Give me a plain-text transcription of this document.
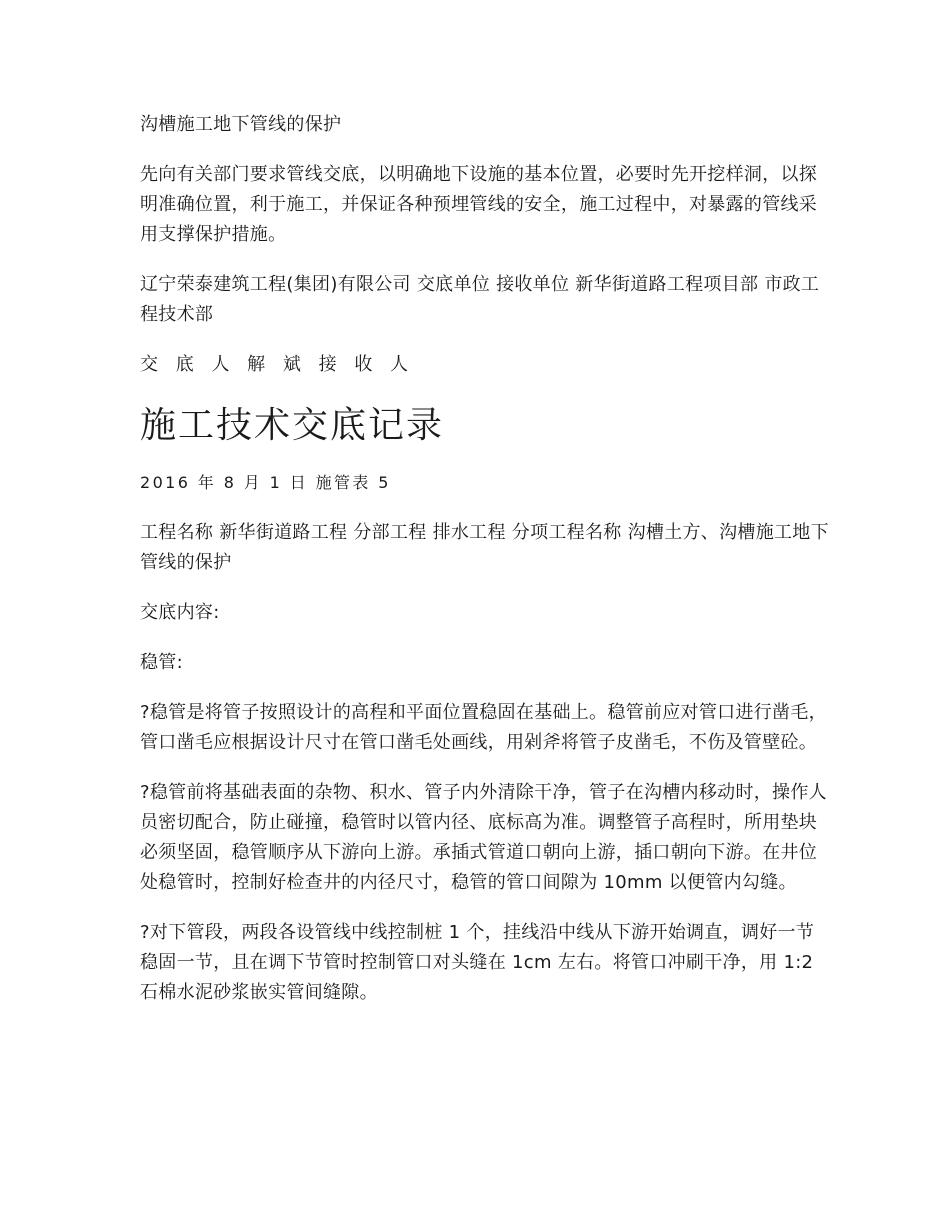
沟槽施工地下管线的保护

先向有关部门要求管线交底，以明确地下设施的基本位置，必要时先开挖样洞，以探明准确位置，利于施工，并保证各种预埋管线的安全，施工过程中，对暴露的管线采用支撑保护措施。

辽宁荣泰建筑工程(集团)有限公司 交底单位 接收单位 新华街道路工程项目部 市政工程技术部

交 底 人 解 斌 接 收 人

施工技术交底记录

2016 年 8 月 1 日 施管表 5

工程名称 新华街道路工程 分部工程 排水工程 分项工程名称 沟槽土方、沟槽施工地下管线的保护

交底内容:

稳管:

?稳管是将管子按照设计的高程和平面位置稳固在基础上。稳管前应对管口进行凿毛，管口凿毛应根据设计尺寸在管口凿毛处画线，用剁斧将管子皮凿毛，不伤及管壁砼。

?稳管前将基础表面的杂物、积水、管子内外清除干净，管子在沟槽内移动时，操作人员密切配合，防止碰撞，稳管时以管内径、底标高为准。调整管子高程时，所用垫块必须坚固，稳管顺序从下游向上游。承插式管道口朝向上游，插口朝向下游。在井位处稳管时，控制好检查井的内径尺寸，稳管的管口间隙为 10mm 以便管内勾缝。

?对下管段，两段各设管线中线控制桩 1 个，挂线沿中线从下游开始调直，调好一节稳固一节，且在调下节管时控制管口对头缝在 1cm 左右。将管口冲刷干净，用 1:2 石棉水泥砂浆嵌实管间缝隙。
